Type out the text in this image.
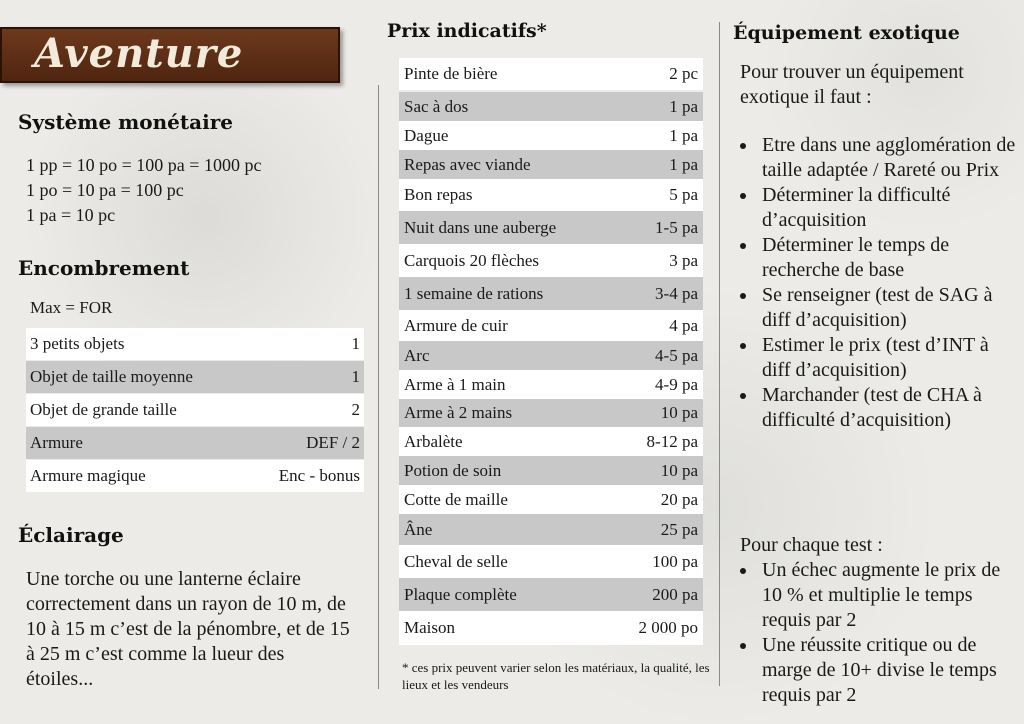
Aventure
Système monétaire
1 pp = 10 po = 100 pa = 1000 pc
1 po = 10 pa = 100 pc
1 pa = 10 pc
Encombrement
Max = FOR
3 petits objets	1
Objet de taille moyenne	1
Objet de grande taille	2
Armure	DEF / 2
Armure magique	Enc - bonus
Éclairage
Une torche ou une lanterne éclaire correctement dans un rayon de 10 m, de 10 à 15 m c’est de la pénombre, et de 15 à 25 m c’est comme la lueur des étoiles...
Prix indicatifs*
Pinte de bière	2 pc
Sac à dos	1 pa
Dague	1 pa
Repas avec viande	1 pa
Bon repas	5 pa
Nuit dans une auberge	1-5 pa
Carquois 20 flèches	3 pa
1 semaine de rations	3-4 pa
Armure de cuir	4 pa
Arc	4-5 pa
Arme à 1 main	4-9 pa
Arme à 2 mains	10 pa
Arbalète	8-12 pa
Potion de soin	10 pa
Cotte de maille	20 pa
Âne	25 pa
Cheval de selle	100 pa
Plaque complète	200 pa
Maison	2 000 po
* ces prix peuvent varier selon les matériaux, la qualité, les lieux et les vendeurs
Équipement exotique
Pour trouver un équipement exotique il faut :
• Etre dans une agglomération de taille adaptée / Rareté ou Prix
• Déterminer la difficulté d’acquisition
• Déterminer le temps de recherche de base
• Se renseigner (test de SAG à diff d’acquisition)
• Estimer le prix (test d’INT à diff d’acquisition)
• Marchander (test de CHA à difficulté d’acquisition)
Pour chaque test :
• Un échec augmente le prix de 10 % et multiplie le temps requis par 2
• Une réussite critique ou de marge de 10+ divise le temps requis par 2
